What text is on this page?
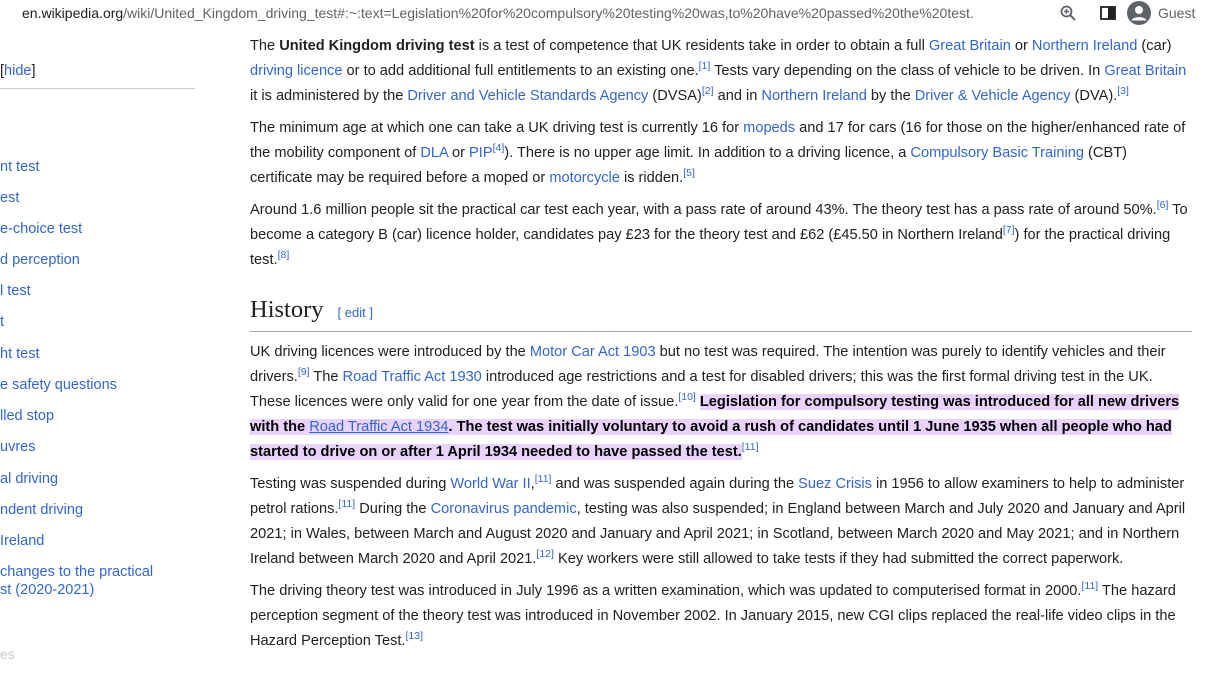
en.wikipedia.org/wiki/United_Kingdom_driving_test#:~:text=Legislation%20for%20compulsory%20testing%20was,to%20have%20passed%20the%20test.	Guest
[hide]
nt test
est
e-choice test
d perception
l test
t
ht test
e safety questions
lled stop
uvres
al driving
ndent driving
Ireland
changes to the practical
st (2020-2021)
es

The United Kingdom driving test is a test of competence that UK residents take in order to obtain a full Great Britain or Northern Ireland (car) driving licence or to add additional full entitlements to an existing one.[1] Tests vary depending on the class of vehicle to be driven. In Great Britain it is administered by the Driver and Vehicle Standards Agency (DVSA)[2] and in Northern Ireland by the Driver & Vehicle Agency (DVA).[3]

The minimum age at which one can take a UK driving test is currently 16 for mopeds and 17 for cars (16 for those on the higher/enhanced rate of the mobility component of DLA or PIP[4]). There is no upper age limit. In addition to a driving licence, a Compulsory Basic Training (CBT) certificate may be required before a moped or motorcycle is ridden.[5]

Around 1.6 million people sit the practical car test each year, with a pass rate of around 43%. The theory test has a pass rate of around 50%.[6] To become a category B (car) licence holder, candidates pay £23 for the theory test and £62 (£45.50 in Northern Ireland[7]) for the practical driving test.[8]

History [ edit ]

UK driving licences were introduced by the Motor Car Act 1903 but no test was required. The intention was purely to identify vehicles and their drivers.[9] The Road Traffic Act 1930 introduced age restrictions and a test for disabled drivers; this was the first formal driving test in the UK. These licences were only valid for one year from the date of issue.[10] Legislation for compulsory testing was introduced for all new drivers with the Road Traffic Act 1934. The test was initially voluntary to avoid a rush of candidates until 1 June 1935 when all people who had started to drive on or after 1 April 1934 needed to have passed the test.[11]

Testing was suspended during World War II,[11] and was suspended again during the Suez Crisis in 1956 to allow examiners to help to administer petrol rations.[11] During the Coronavirus pandemic, testing was also suspended; in England between March and July 2020 and January and April 2021; in Wales, between March and August 2020 and January and April 2021; in Scotland, between March 2020 and May 2021; and in Northern Ireland between March 2020 and April 2021.[12] Key workers were still allowed to take tests if they had submitted the correct paperwork.

The driving theory test was introduced in July 1996 as a written examination, which was updated to computerised format in 2000.[11] The hazard perception segment of the theory test was introduced in November 2002. In January 2015, new CGI clips replaced the real-life video clips in the Hazard Perception Test.[13]
